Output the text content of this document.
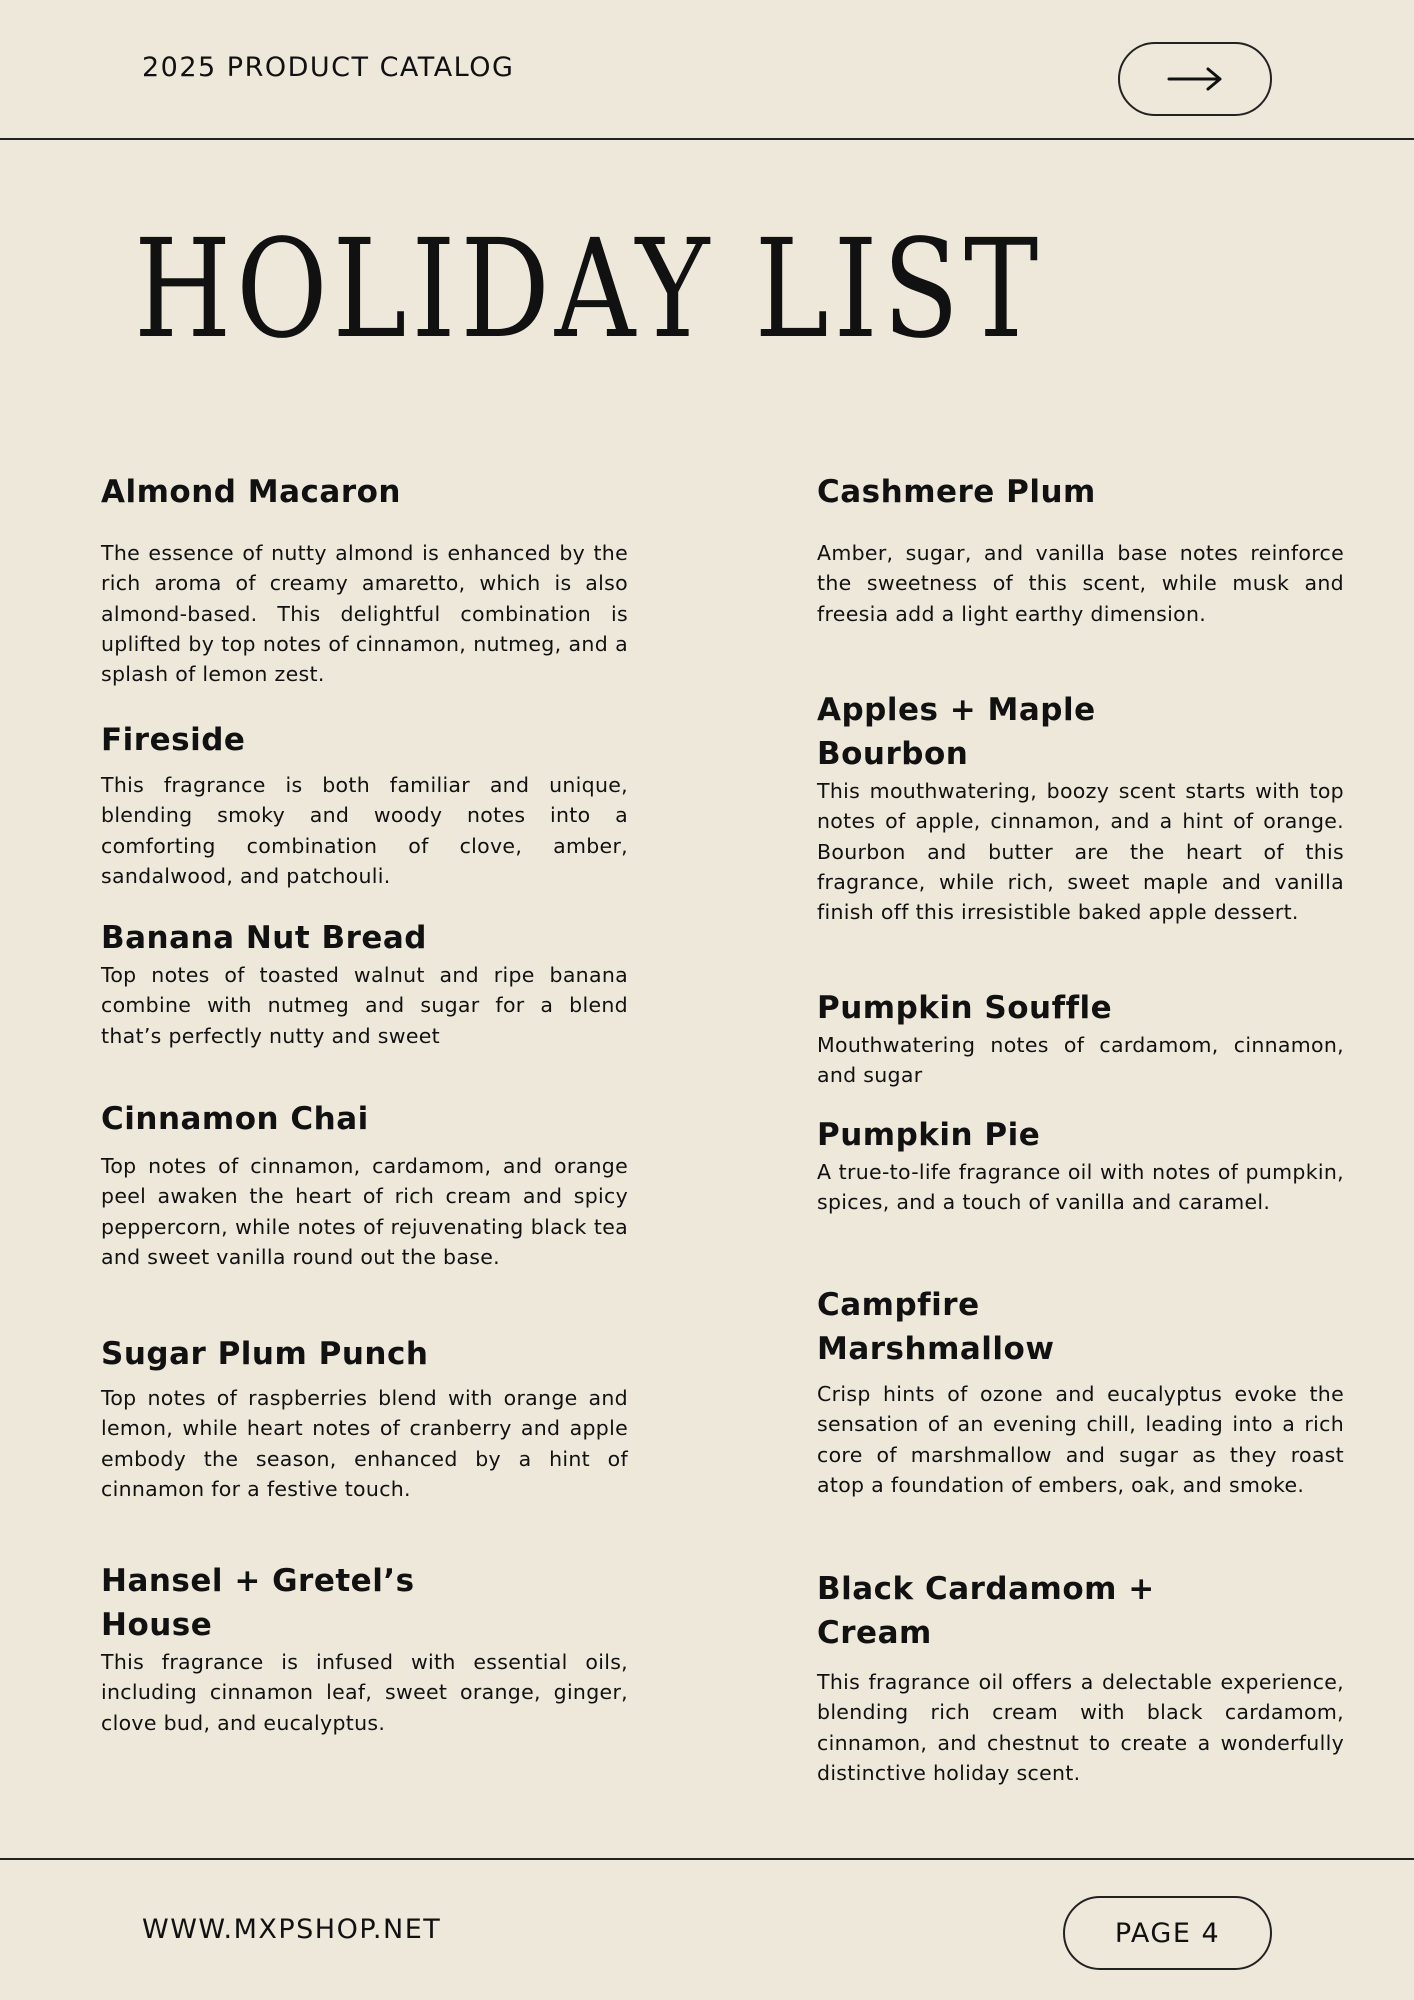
2025 PRODUCT CATALOG
HOLIDAY LIST
Almond Macaron

The essence of nutty almond is enhanced by the rich aroma of creamy amaretto, which is also almond-based. This delightful combination is uplifted by top notes of cinnamon, nutmeg, and a splash of lemon zest.

Fireside

This fragrance is both familiar and unique, blending smoky and woody notes into a comforting combination of clove, amber, sandalwood, and patchouli.

Banana Nut Bread

Top notes of toasted walnut and ripe banana combine with nutmeg and sugar for a blend that’s perfectly nutty and sweet

Cinnamon Chai

Top notes of cinnamon, cardamom, and orange peel awaken the heart of rich cream and spicy peppercorn, while notes of rejuvenating black tea and sweet vanilla round out the base.

Sugar Plum Punch

Top notes of raspberries blend with orange and lemon, while heart notes of cranberry and apple embody the season, enhanced by a hint of cinnamon for a festive touch.

Hansel + Gretel’s House

This fragrance is infused with essential oils, including cinnamon leaf, sweet orange, ginger, clove bud, and eucalyptus.

Cashmere Plum

Amber, sugar, and vanilla base notes reinforce the sweetness of this scent, while musk and freesia add a light earthy dimension.

Apples + Maple Bourbon

This mouthwatering, boozy scent starts with top notes of apple, cinnamon, and a hint of orange. Bourbon and butter are the heart of this fragrance, while rich, sweet maple and vanilla finish off this irresistible baked apple dessert.

Pumpkin Souffle

Mouthwatering notes of cardamom, cinnamon, and sugar

Pumpkin Pie

A true-to-life fragrance oil with notes of pumpkin, spices, and a touch of vanilla and caramel.

Campfire Marshmallow

Crisp hints of ozone and eucalyptus evoke the sensation of an evening chill, leading into a rich core of marshmallow and sugar as they roast atop a foundation of embers, oak, and smoke.

Black Cardamom + Cream

This fragrance oil offers a delectable experience, blending rich cream with black cardamom, cinnamon, and chestnut to create a wonderfully distinctive holiday scent.

WWW.MXPSHOP.NET	PAGE 4
